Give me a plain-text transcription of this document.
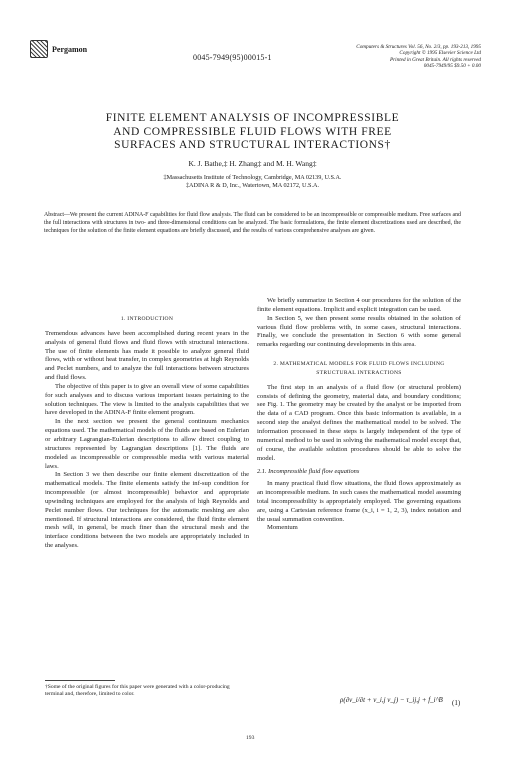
Pergamon
0045-7949(95)00015-1
Computers & Structures Vol. 56, No. 2/3, pp. 193-213, 1995
Copyright © 1995 Elsevier Science Ltd
Printed in Great Britain. All rights reserved
0045-7949/95 $9.50 + 0.00
FINITE ELEMENT ANALYSIS OF INCOMPRESSIBLE
AND COMPRESSIBLE FLUID FLOWS WITH FREE
SURFACES AND STRUCTURAL INTERACTIONS†
K. J. Bathe,‡ H. Zhang‡ and M. H. Wang‡
‡Massachusetts Institute of Technology, Cambridge, MA 02139, U.S.A.
‡ADINA R & D, Inc., Watertown, MA 02172, U.S.A.
Abstract—We present the current ADINA-F capabilities for fluid flow analysis. The fluid can be considered to be an incompressible or compressible medium. Free surfaces and the full interactions with structures in two- and three-dimensional conditions can be analyzed. The basic formulations, the finite element discretizations used are described, the techniques for the solution of the finite element equations are briefly discussed, and the results of various comprehensive analyses are given.
1. INTRODUCTION

Tremendous advances have been accomplished during recent years in the analysis of general fluid flows and fluid flows with structural interactions. The use of finite elements has made it possible to analyze general fluid flows, with or without heat transfer, in complex geometries at high Reynolds and Peclet numbers, and to analyze the full interactions between structures and fluid flows.

The objective of this paper is to give an overall view of some capabilities for such analyses and to discuss various important issues pertaining to the solution techniques. The view is limited to the analysis capabilities that we have developed in the ADINA-F finite element program.

In the next section we present the general continuum mechanics equations used. The mathematical models of the fluids are based on Eulerian or arbitrary Lagrangian-Eulerian descriptions to allow direct coupling to structures represented by Lagrangian descriptions [1]. The fluids are modeled as incompressible or compressible media with various material laws.

In Section 3 we then describe our finite element discretization of the mathematical models. The finite elements satisfy the inf-sup condition for incompressible (or almost incompressible) behavior and appropriate upwinding techniques are employed for the analysis of high Reynolds and Peclet number flows. Our techniques for the automatic meshing are also mentioned. If structural interactions are considered, the fluid finite element mesh will, in general, be much finer than the structural mesh and the interface conditions between the two models are appropriately included in the analyses.

†Some of the original figures for this paper were generated with a color-producing terminal and, therefore, limited to color.

We briefly summarize in Section 4 our procedures for the solution of the finite element equations. Implicit and explicit integration can be used.

In Section 5, we then present some results obtained in the solution of various fluid flow problems with, in some cases, structural interactions. Finally, we conclude the presentation in Section 6 with some general remarks regarding our continuing developments in this area.

2. MATHEMATICAL MODELS FOR FLUID FLOWS INCLUDING STRUCTURAL INTERACTIONS

The first step in an analysis of a fluid flow (or structural problem) consists of defining the geometry, material data, and boundary conditions; see Fig. 1. The geometry may be created by the analyst or be imported from the data of a CAD program. Once this basic information is available, in a second step the analyst defines the mathematical model to be solved. The information processed in these steps is largely independent of the type of numerical method to be used in solving the mathematical model except that, of course, the available solution procedures should be able to solve the model.

2.1. Incompressible fluid flow equations

In many practical fluid flow situations, the fluid flows approximately as an incompressible medium. In such cases the mathematical model assuming total incompressibility is appropriately employed. The governing equations are, using a Cartesian reference frame (x_i, i = 1, 2, 3), index notation and the usual summation convention.

Momentum

ρ(∂v_i/∂t + v_i,j v_j) − τ_ij,j + f_i^B (1)
193
